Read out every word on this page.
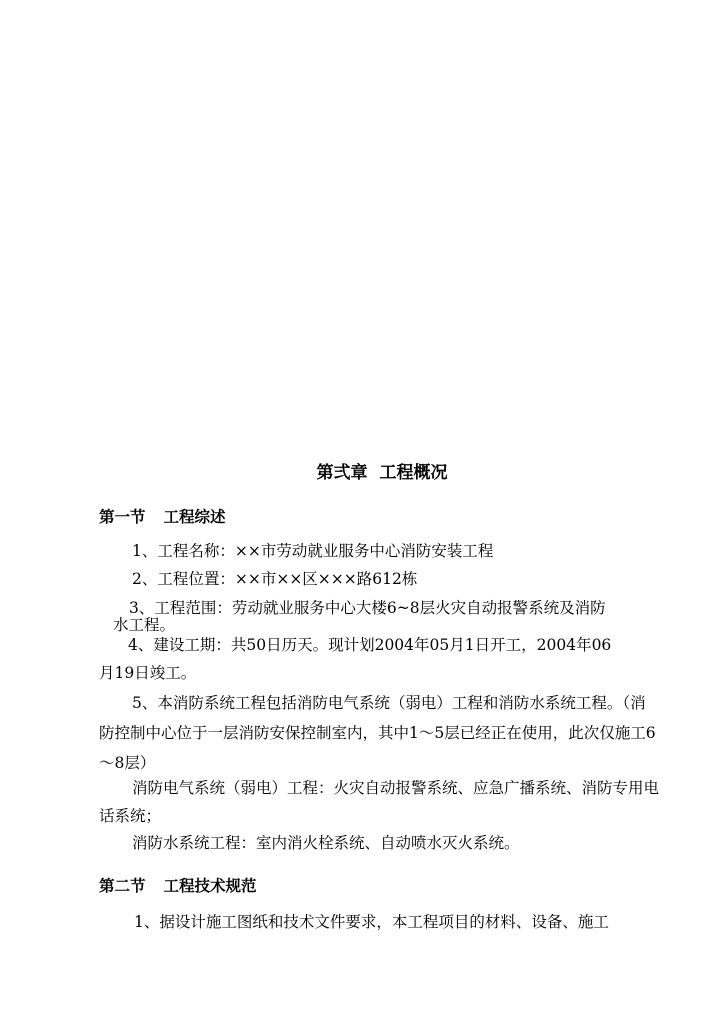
第弍章 工程概况
第一节 工程综述
1、工程名称：××市劳动就业服务中心消防安装工程
2、工程位置：××市××区×××路612栋
3、工程范围：劳动就业服务中心大楼6~8层火灾自动报警系统及消防
水工程。
4、建设工期：共50日历天。现计划2004年05月1日开工，2004年06
月19日竣工。
5、本消防系统工程包括消防电气系统（弱电）工程和消防水系统工程。（消防控制中心位于一层消防安保控制室内，其中1～5层已经正在使用，此次仅施工6～8层）
消防电气系统（弱电）工程：火灾自动报警系统、应急广播系统、消防专用电话系统；
消防水系统工程：室内消火栓系统、自动喷水灭火系统。
第二节 工程技术规范
1、据设计施工图纸和技术文件要求，本工程项目的材料、设备、施工
